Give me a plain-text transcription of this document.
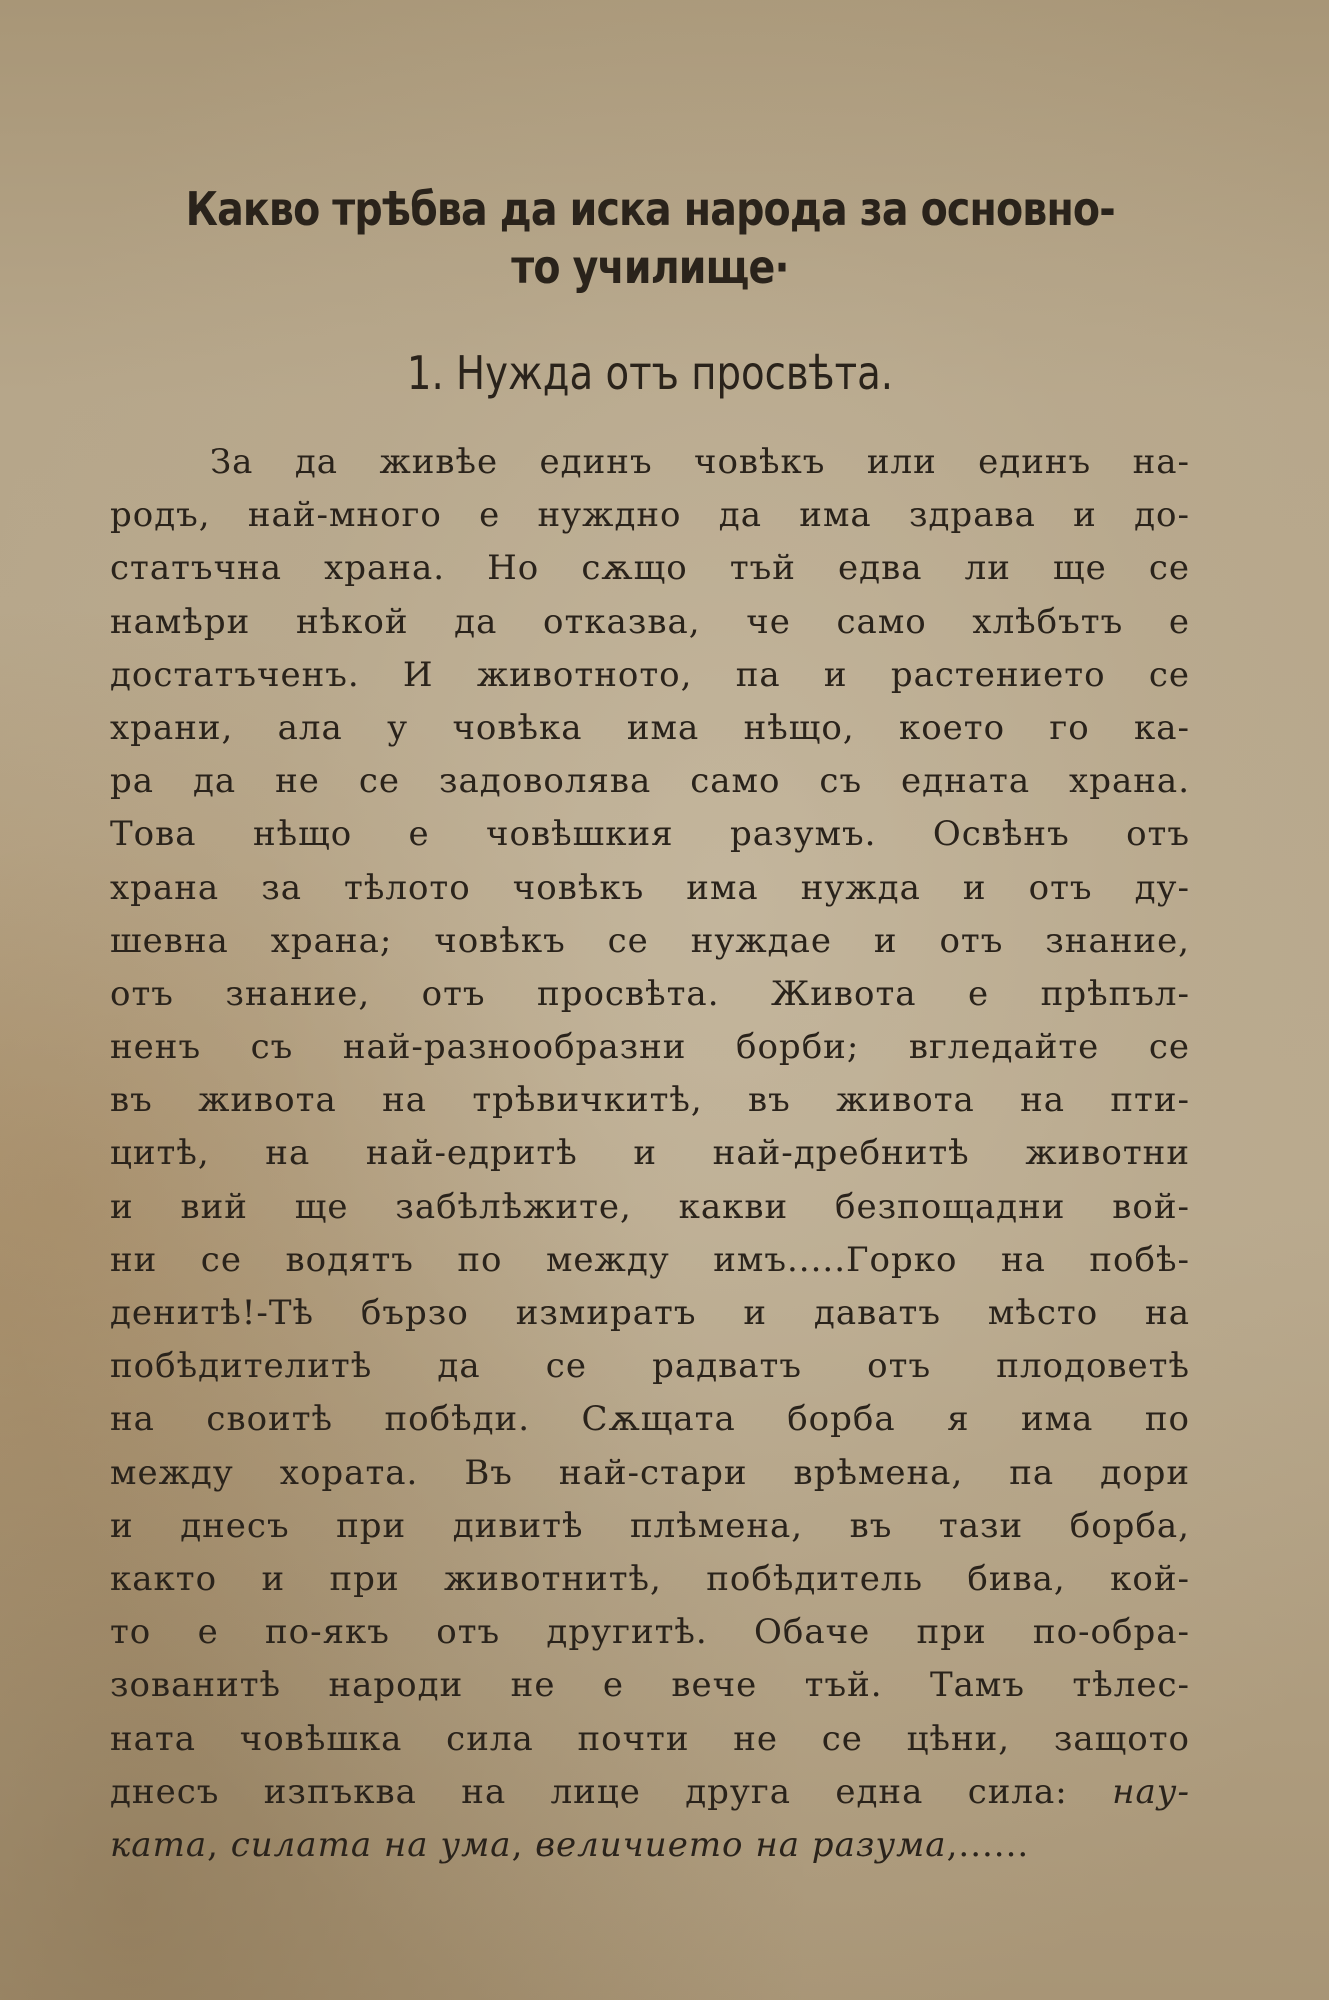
Какво трѣбва да иска народа за основно-
то училище·
1. Нужда отъ просвѣта.
За да живѣе единъ човѣкъ или единъ на-
родъ, най-много е нуждно да има здрава и до-
статъчна храна. Но сѫщо тъй едва ли ще се
намѣри нѣкой да отказва, че само хлѣбътъ е
достатъченъ. И животното, па и растението се
храни, ала у човѣка има нѣщо, което го ка-
ра да не се задоволява само съ едната храна.
Това нѣщо е човѣшкия разумъ. Освѣнъ отъ
храна за тѣлото човѣкъ има нужда и отъ ду-
шевна храна; човѣкъ се нуждае и отъ знание,
отъ знание, отъ просвѣта. Живота е прѣпъл-
ненъ съ най-разнообразни борби; вгледайте се
въ живота на трѣвичкитѣ, въ живота на пти-
цитѣ, на най-едритѣ и най-дребнитѣ животни
и вий ще забѣлѣжите, какви безпощадни вой-
ни се водятъ по между имъ.....Горко на побѣ-
денитѣ!-Тѣ бързо измиратъ и даватъ мѣсто на
побѣдителитѣ да се радватъ отъ плодоветѣ
на своитѣ побѣди. Сѫщата борба я има по
между хората. Въ най-стари врѣмена, па дори
и днесъ при дивитѣ плѣмена, въ тази борба,
както и при животнитѣ, побѣдитель бива, кой-
то е по-якъ отъ другитѣ. Обаче при по-обра-
зованитѣ народи не е вече тъй. Тамъ тѣлес-
ната човѣшка сила почти не се цѣни, защото
днесъ изпъква на лице друга една сила: нау-
ката, силата на ума, величието на разума,......
